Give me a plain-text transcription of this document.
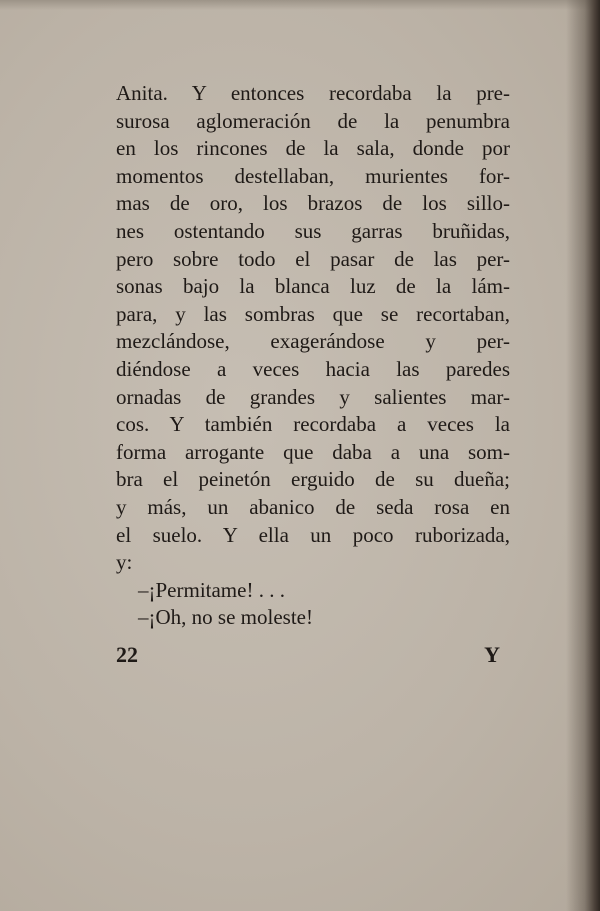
Anita. Y entonces recordaba la pre-
surosa aglomeración de la penumbra
en los rincones de la sala, donde por
momentos destellaban, murientes for-
mas de oro, los brazos de los sillo-
nes ostentando sus garras bruñidas,
pero sobre todo el pasar de las per-
sonas bajo la blanca luz de la lám-
para, y las sombras que se recortaban,
mezclándose, exagerándose y per-
diéndose a veces hacia las paredes
ornadas de grandes y salientes mar-
cos. Y también recordaba a veces la
forma arrogante que daba a una som-
bra el peinetón erguido de su dueña;
y más, un abanico de seda rosa en
el suelo. Y ella un poco ruborizada,
y:
–¡Permitame! . . .
–¡Oh, no se moleste!
22	Y
